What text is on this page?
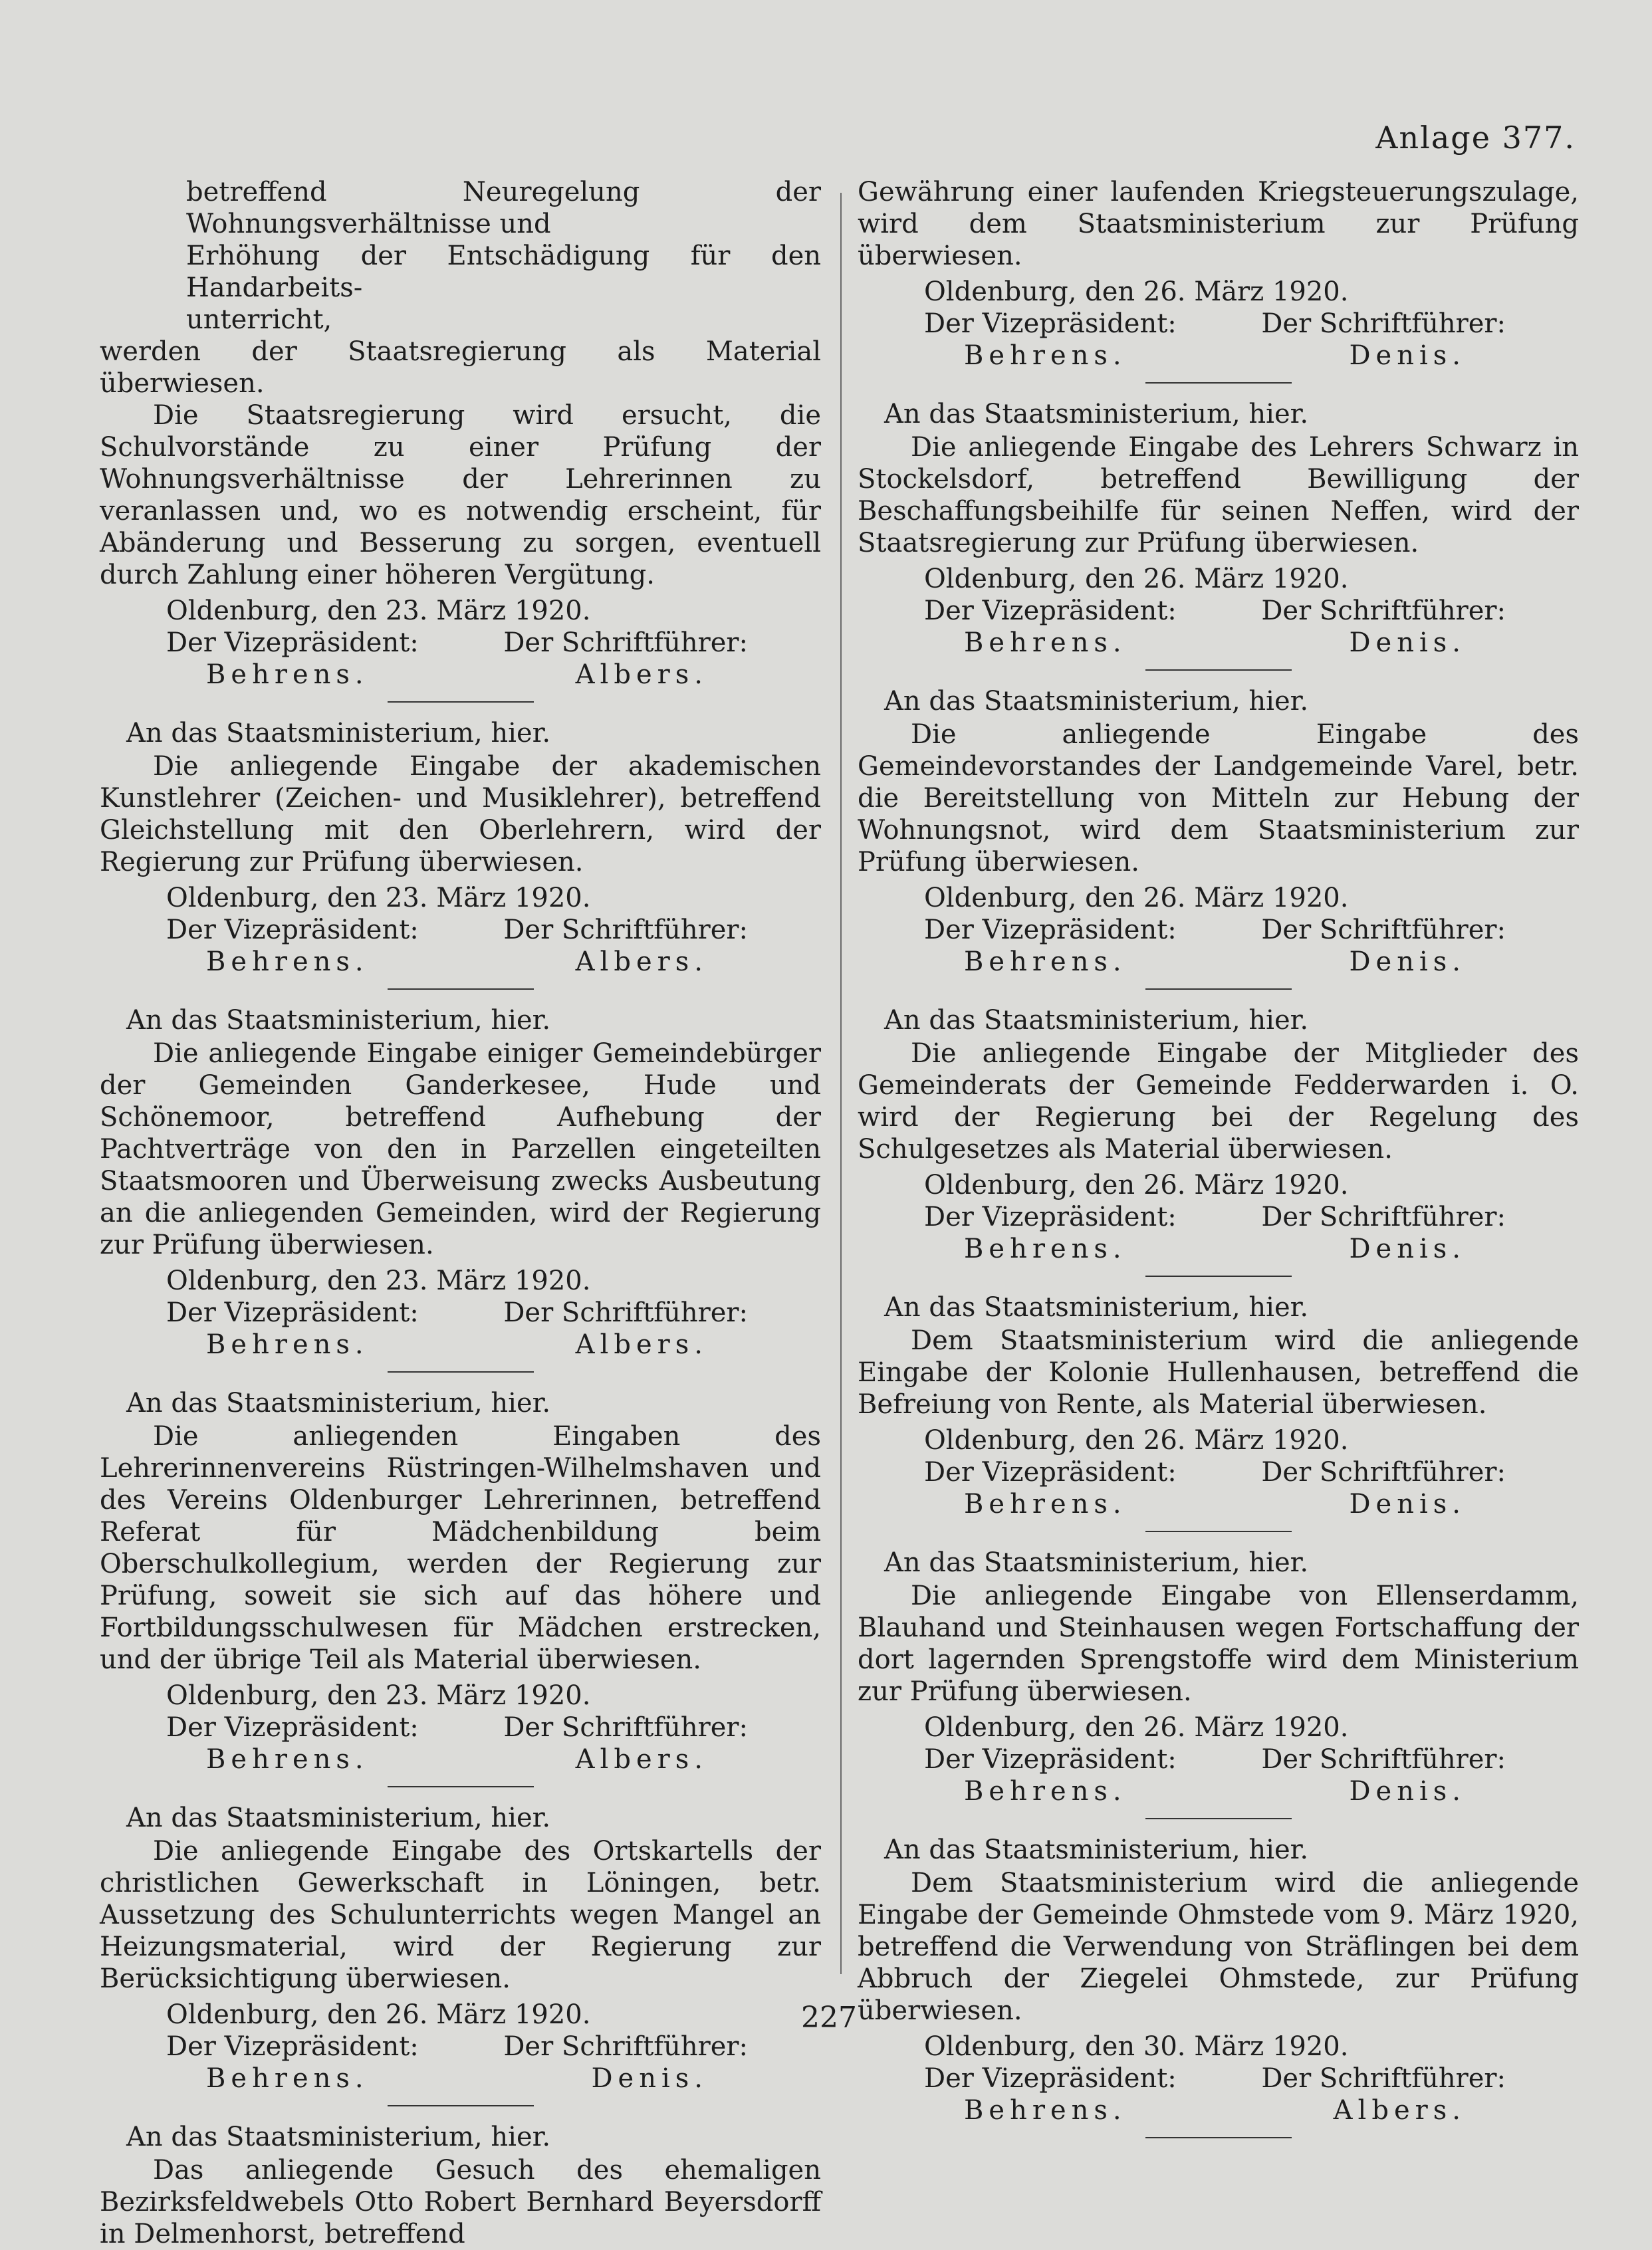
Anlage 377.

betreffend Neuregelung der Wohnungsverhältnisse und

Erhöhung der Entschädigung für den Handarbeits-

unterricht,

werden der Staatsregierung als Material überwiesen.

Die Staatsregierung wird ersucht, die Schulvorstände zu einer Prüfung der Wohnungsverhältnisse der Lehrerinnen zu veranlassen und, wo es notwendig erscheint, für Abänderung und Besserung zu sorgen, eventuell durch Zahlung einer höheren Vergütung.

Oldenburg, den 23. März 1920.

Der Vizepräsident:	Der Schriftführer:
Behrens.	Albers.

An das Staatsministerium, hier.

Die anliegende Eingabe der akademischen Kunstlehrer (Zeichen- und Musiklehrer), betreffend Gleichstellung mit den Oberlehrern, wird der Regierung zur Prüfung überwiesen.

Oldenburg, den 23. März 1920.

Der Vizepräsident:	Der Schriftführer:
Behrens.	Albers.

An das Staatsministerium, hier.

Die anliegende Eingabe einiger Gemeindebürger der Gemeinden Ganderkesee, Hude und Schönemoor, betreffend Aufhebung der Pachtverträge von den in Parzellen eingeteilten Staatsmooren und Überweisung zwecks Ausbeutung an die anliegenden Gemeinden, wird der Regierung zur Prüfung überwiesen.

Oldenburg, den 23. März 1920.

Der Vizepräsident:	Der Schriftführer:
Behrens.	Albers.

An das Staatsministerium, hier.

Die anliegenden Eingaben des Lehrerinnenvereins Rüstringen-Wilhelmshaven und des Vereins Oldenburger Lehrerinnen, betreffend Referat für Mädchenbildung beim Oberschulkollegium, werden der Regierung zur Prüfung, soweit sie sich auf das höhere und Fortbildungsschulwesen für Mädchen erstrecken, und der übrige Teil als Material überwiesen.

Oldenburg, den 23. März 1920.

Der Vizepräsident:	Der Schriftführer:
Behrens.	Albers.

An das Staatsministerium, hier.

Die anliegende Eingabe des Ortskartells der christlichen Gewerkschaft in Löningen, betr. Aussetzung des Schulunterrichts wegen Mangel an Heizungsmaterial, wird der Regierung zur Berücksichtigung überwiesen.

Oldenburg, den 26. März 1920.

Der Vizepräsident:	Der Schriftführer:
Behrens.	Denis.

An das Staatsministerium, hier.

Das anliegende Gesuch des ehemaligen Bezirksfeldwebels Otto Robert Bernhard Beyersdorff in Delmenhorst, betreffend

Gewährung einer laufenden Kriegsteuerungszulage, wird dem Staatsministerium zur Prüfung überwiesen.

Oldenburg, den 26. März 1920.

Der Vizepräsident:	Der Schriftführer:
Behrens.	Denis.

An das Staatsministerium, hier.

Die anliegende Eingabe des Lehrers Schwarz in Stockelsdorf, betreffend Bewilligung der Beschaffungsbeihilfe für seinen Neffen, wird der Staatsregierung zur Prüfung überwiesen.

Oldenburg, den 26. März 1920.

Der Vizepräsident:	Der Schriftführer:
Behrens.	Denis.

An das Staatsministerium, hier.

Die anliegende Eingabe des Gemeindevorstandes der Landgemeinde Varel, betr. die Bereitstellung von Mitteln zur Hebung der Wohnungsnot, wird dem Staatsministerium zur Prüfung überwiesen.

Oldenburg, den 26. März 1920.

Der Vizepräsident:	Der Schriftführer:
Behrens.	Denis.

An das Staatsministerium, hier.

Die anliegende Eingabe der Mitglieder des Gemeinderats der Gemeinde Fedderwarden i. O. wird der Regierung bei der Regelung des Schulgesetzes als Material überwiesen.

Oldenburg, den 26. März 1920.

Der Vizepräsident:	Der Schriftführer:
Behrens.	Denis.

An das Staatsministerium, hier.

Dem Staatsministerium wird die anliegende Eingabe der Kolonie Hullenhausen, betreffend die Befreiung von Rente, als Material überwiesen.

Oldenburg, den 26. März 1920.

Der Vizepräsident:	Der Schriftführer:
Behrens.	Denis.

An das Staatsministerium, hier.

Die anliegende Eingabe von Ellenserdamm, Blauhand und Steinhausen wegen Fortschaffung der dort lagernden Sprengstoffe wird dem Ministerium zur Prüfung überwiesen.

Oldenburg, den 26. März 1920.

Der Vizepräsident:	Der Schriftführer:
Behrens.	Denis.

An das Staatsministerium, hier.

Dem Staatsministerium wird die anliegende Eingabe der Gemeinde Ohmstede vom 9. März 1920, betreffend die Verwendung von Sträflingen bei dem Abbruch der Ziegelei Ohmstede, zur Prüfung überwiesen.

Oldenburg, den 30. März 1920.

Der Vizepräsident:	Der Schriftführer:
Behrens.	Albers.
227
